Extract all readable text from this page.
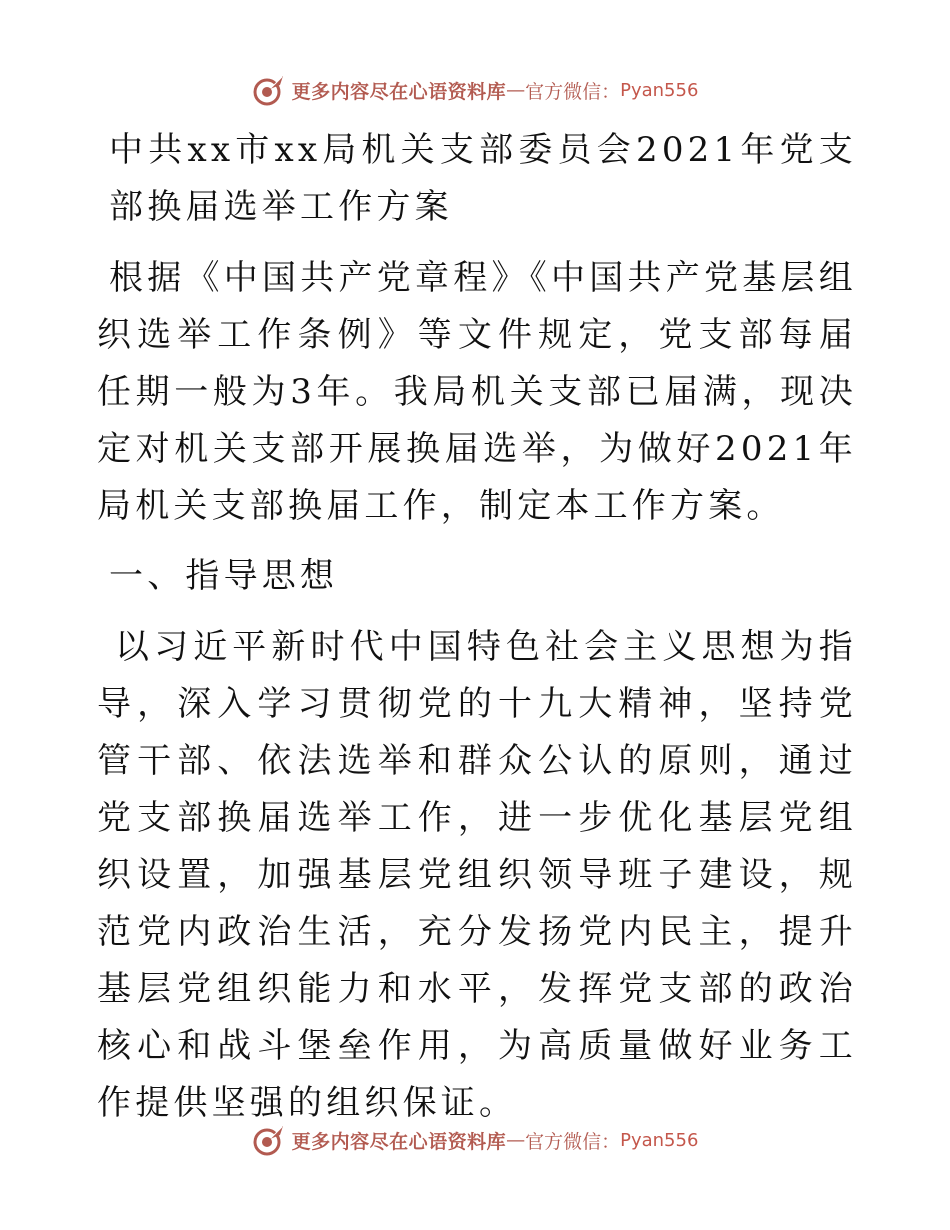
更多内容尽在心语资料库 — 官方微信： Pyan556

中共xx市xx局机关支部委员会2021年党支部换届选举工作方案

根据《中国共产党章程》《中国共产党基层组织选举工作条例》等文件规定，党支部每届任期一般为3年。我局机关支部已届满，现决定对机关支部开展换届选举，为做好2021年局机关支部换届工作，制定本工作方案。

一、指导思想

以习近平新时代中国特色社会主义思想为指导，深入学习贯彻党的十九大精神，坚持党管干部、依法选举和群众公认的原则，通过党支部换届选举工作，进一步优化基层党组织设置，加强基层党组织领导班子建设，规范党内政治生活，充分发扬党内民主，提升基层党组织能力和水平，发挥党支部的政治核心和战斗堡垒作用，为高质量做好业务工作提供坚强的组织保证。

更多内容尽在心语资料库 — 官方微信： Pyan556
